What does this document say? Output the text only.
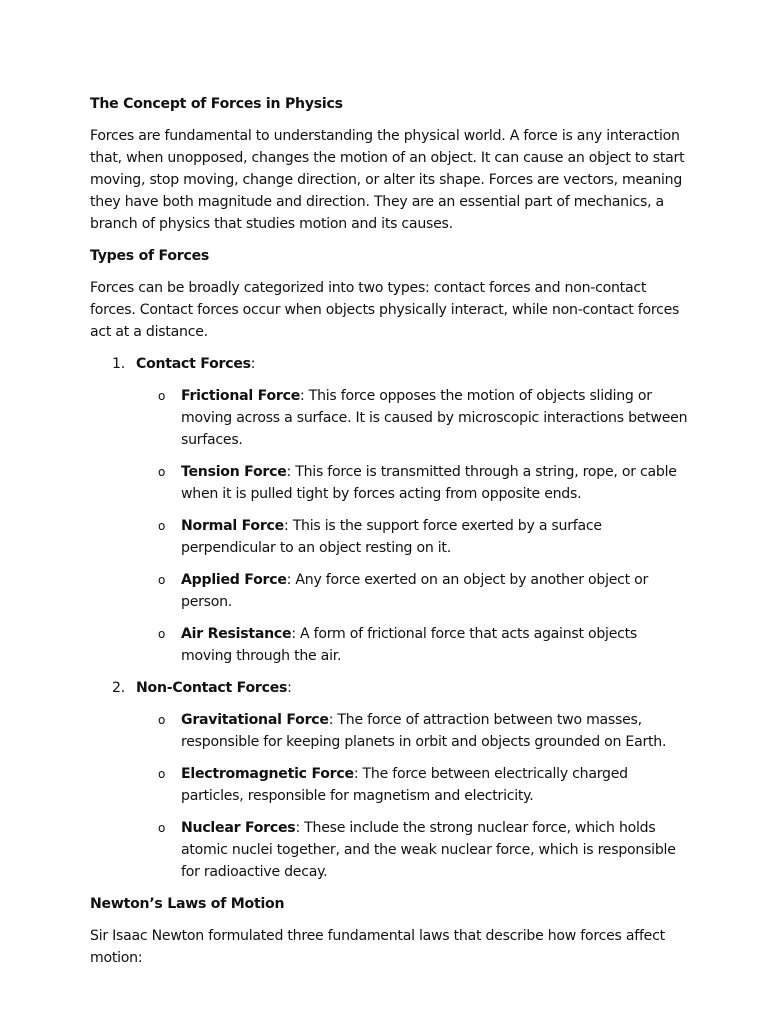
The Concept of Forces in Physics

Forces are fundamental to understanding the physical world. A force is any interaction that, when unopposed, changes the motion of an object. It can cause an object to start moving, stop moving, change direction, or alter its shape. Forces are vectors, meaning they have both magnitude and direction. They are an essential part of mechanics, a branch of physics that studies motion and its causes.

Types of Forces

Forces can be broadly categorized into two types: contact forces and non-contact forces. Contact forces occur when objects physically interact, while non-contact forces act at a distance.

1. Contact Forces:
o Frictional Force: This force opposes the motion of objects sliding or moving across a surface. It is caused by microscopic interactions between surfaces.
o Tension Force: This force is transmitted through a string, rope, or cable when it is pulled tight by forces acting from opposite ends.
o Normal Force: This is the support force exerted by a surface perpendicular to an object resting on it.
o Applied Force: Any force exerted on an object by another object or person.
o Air Resistance: A form of frictional force that acts against objects moving through the air.
2. Non-Contact Forces:
o Gravitational Force: The force of attraction between two masses, responsible for keeping planets in orbit and objects grounded on Earth.
o Electromagnetic Force: The force between electrically charged particles, responsible for magnetism and electricity.
o Nuclear Forces: These include the strong nuclear force, which holds atomic nuclei together, and the weak nuclear force, which is responsible for radioactive decay.

Newton’s Laws of Motion

Sir Isaac Newton formulated three fundamental laws that describe how forces affect motion:
